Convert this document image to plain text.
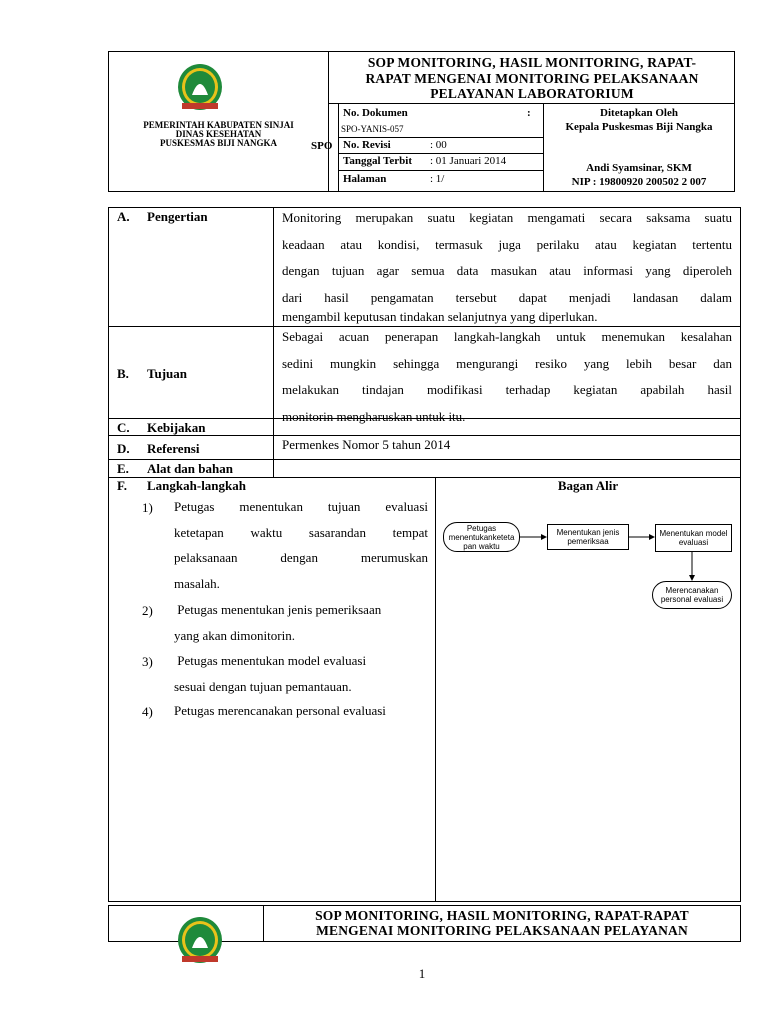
PEMERINTAH KABUPATEN SINJAI
DINAS KESEHATAN
PUSKESMAS BIJI NANGKA
SOP MONITORING, HASIL MONITORING, RAPAT-
RAPAT MENGENAI MONITORING PELAKSANAAN
PELAYANAN LABORATORIUM
SPO
No. Dokumen	:
SPO-YANIS-057
No. Revisi	: 00
Tanggal Terbit : 01 Januari 2014
Halaman	: 1/
Ditetapkan Oleh
Kepala Puskesmas Biji Nangka
Andi Syamsinar, SKM
NIP : 19800920 200502 2 007
A. Pengertian	Monitoring merupakan suatu kegiatan mengamati secara saksama suatu
keadaan atau kondisi, termasuk juga perilaku atau kegiatan tertentu
dengan tujuan agar semua data masukan atau informasi yang diperoleh
dari hasil pengamatan tersebut dapat menjadi landasan dalam
mengambil keputusan tindakan selanjutnya yang diperlukan.
B. Tujuan
Sebagai acuan penerapan langkah-langkah untuk menemukan kesalahan
sedini mungkin sehingga mengurangi resiko yang lebih besar dan
melakukan tindajan modifikasi terhadap kegiatan apabilah hasil
monitorin mengharuskan untuk itu.
C. Kebijakan
D. Referensi	Permenkes Nomor 5 tahun 2014
E. Alat dan bahan
F. Langkah-langkah	Bagan Alir
1) Petugas menentukan tujuan evaluasi
ketetapan waktu sasarandan tempat
pelaksanaan dengan merumuskan
masalah.
2) Petugas menentukan jenis pemeriksaan
yang akan dimonitorin.
3) Petugas menentukan model evaluasi
sesuai dengan tujuan pemantauan.
4) Petugas merencanakan personal evaluasi
Petugas menentukanketeta pan waktu
Menentukan jenis pemeriksaa
Menentukan model evaluasi
Merencanakan personal evaluasi
SOP MONITORING, HASIL MONITORING, RAPAT-RAPAT
MENGENAI MONITORING PELAKSANAAN PELAYANAN
1
